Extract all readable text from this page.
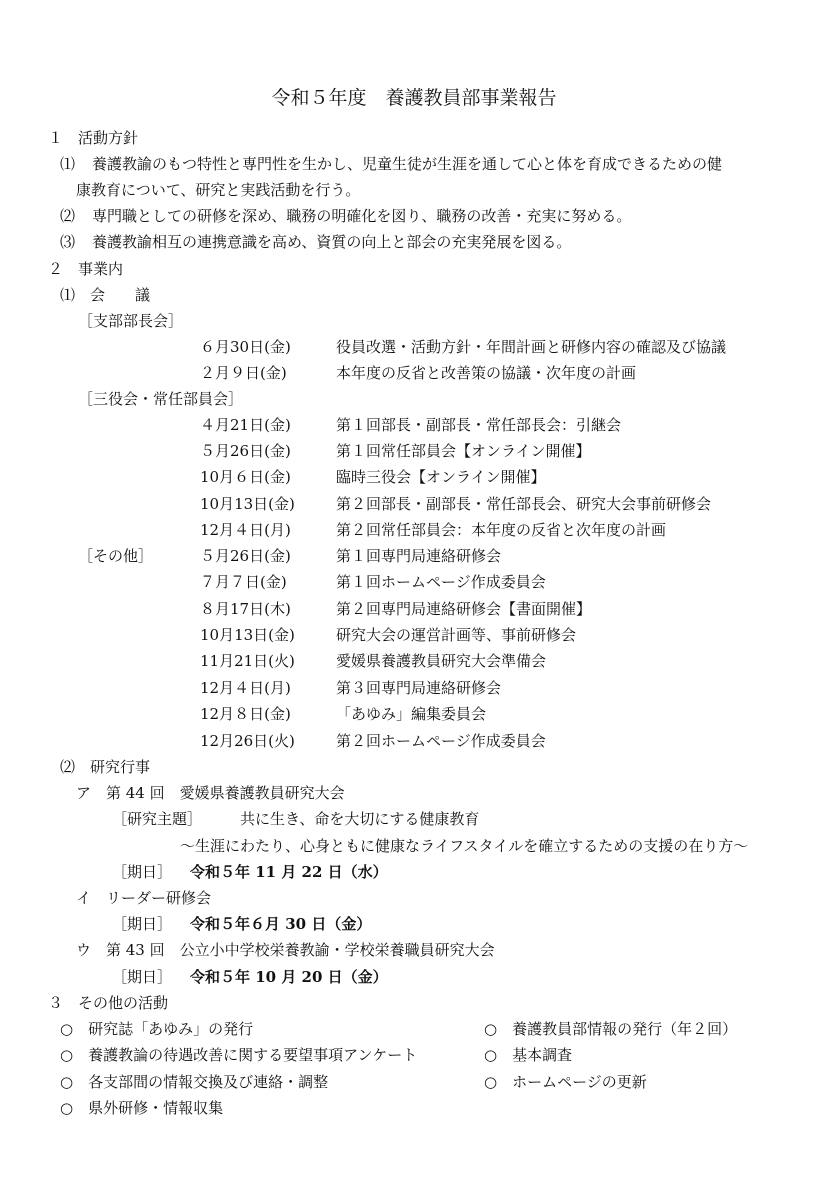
令和５年度　養護教員部事業報告
１　活動方針
⑴ 養護教諭のもつ特性と専門性を生かし、児童生徒が生涯を通して心と体を育成できるための健
康教育について、研究と実践活動を行う。
⑵ 専門職としての研修を深め、職務の明確化を図り、職務の改善・充実に努める。
⑶ 養護教諭相互の連携意識を高め、資質の向上と部会の充実発展を図る。
２　事業内
⑴　会　　議
［支部部長会］
６月30日(金)	役員改選・活動方針・年間計画と研修内容の確認及び協議
２月９日(金)	本年度の反省と改善策の協議・次年度の計画
［三役会・常任部員会］
４月21日(金)	第１回部長・副部長・常任部長会：引継会
５月26日(金)	第１回常任部員会【オンライン開催】
10月６日(金)	臨時三役会【オンライン開催】
10月13日(金)	第２回部長・副部長・常任部長会、研究大会事前研修会
12月４日(月)	第２回常任部員会：本年度の反省と次年度の計画
［その他］	５月26日(金)	第１回専門局連絡研修会
７月７日(金)	第１回ホームページ作成委員会
８月17日(木)	第２回専門局連絡研修会【書面開催】
10月13日(金)	研究大会の運営計画等、事前研修会
11月21日(火)	愛媛県養護教員研究大会準備会
12月４日(月)	第３回専門局連絡研修会
12月８日(金)	「あゆみ」編集委員会
12月26日(火)	第２回ホームページ作成委員会
⑵　研究行事
ア　第 44 回　愛媛県養護教員研究大会
［研究主題］	共に生き、命を大切にする健康教育
～生涯にわたり、心身ともに健康なライフスタイルを確立するための支援の在り方～
［期日］ 令和５年 11 月 22 日（水）
イ　リーダー研修会
［期日］ 令和５年６月 30 日（金）
ウ　第 43 回　公立小中学校栄養教諭・学校栄養職員研究大会
［期日］ 令和５年 10 月 20 日（金）
３　その他の活動
○　研究誌「あゆみ」の発行
○　養護教論の待遇改善に関する要望事項アンケート
○　各支部間の情報交換及び連絡・調整
○　県外研修・情報収集
○　養護教員部情報の発行（年２回）
○　基本調査
○　ホームページの更新
